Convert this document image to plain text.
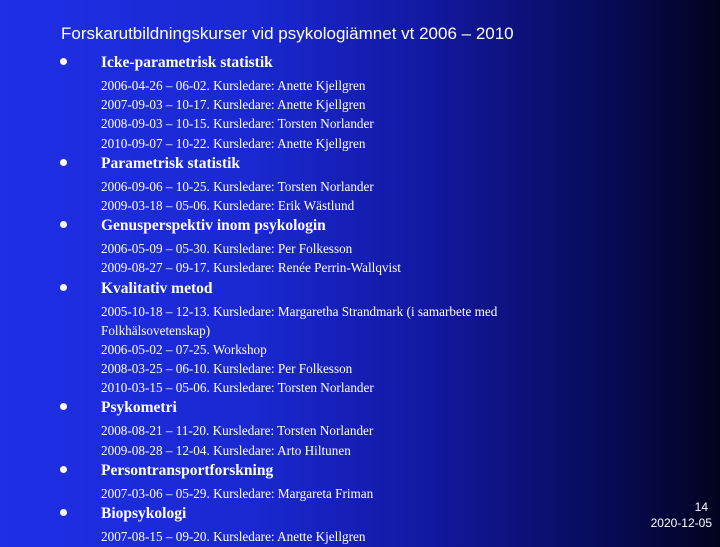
Forskarutbildningskurser vid psykologiämnet vt 2006 – 2010
Icke-parametrisk statistik
2006-04-26 – 06-02. Kursledare: Anette Kjellgren
2007-09-03 – 10-17. Kursledare: Anette Kjellgren
2008-09-03 – 10-15. Kursledare: Torsten Norlander
2010-09-07 – 10-22. Kursledare: Anette Kjellgren
Parametrisk statistik
2006-09-06 – 10-25. Kursledare: Torsten Norlander
2009-03-18 – 05-06. Kursledare: Erik Wästlund
Genusperspektiv inom psykologin
2006-05-09 – 05-30. Kursledare: Per Folkesson
2009-08-27 – 09-17. Kursledare: Renée Perrin-Wallqvist
Kvalitativ metod
2005-10-18 – 12-13. Kursledare: Margaretha Strandmark (i samarbete med Folkhälsovetenskap)
2006-05-02 – 07-25. Workshop
2008-03-25 – 06-10. Kursledare: Per Folkesson
2010-03-15 – 05-06. Kursledare: Torsten Norlander
Psykometri
2008-08-21 – 11-20. Kursledare: Torsten Norlander
2009-08-28 – 12-04. Kursledare: Arto Hiltunen
Persontransportforskning
2007-03-06 – 05-29. Kursledare: Margareta Friman
Biopsykologi
2007-08-15 – 09-20. Kursledare: Anette Kjellgren
14
2020-12-05
